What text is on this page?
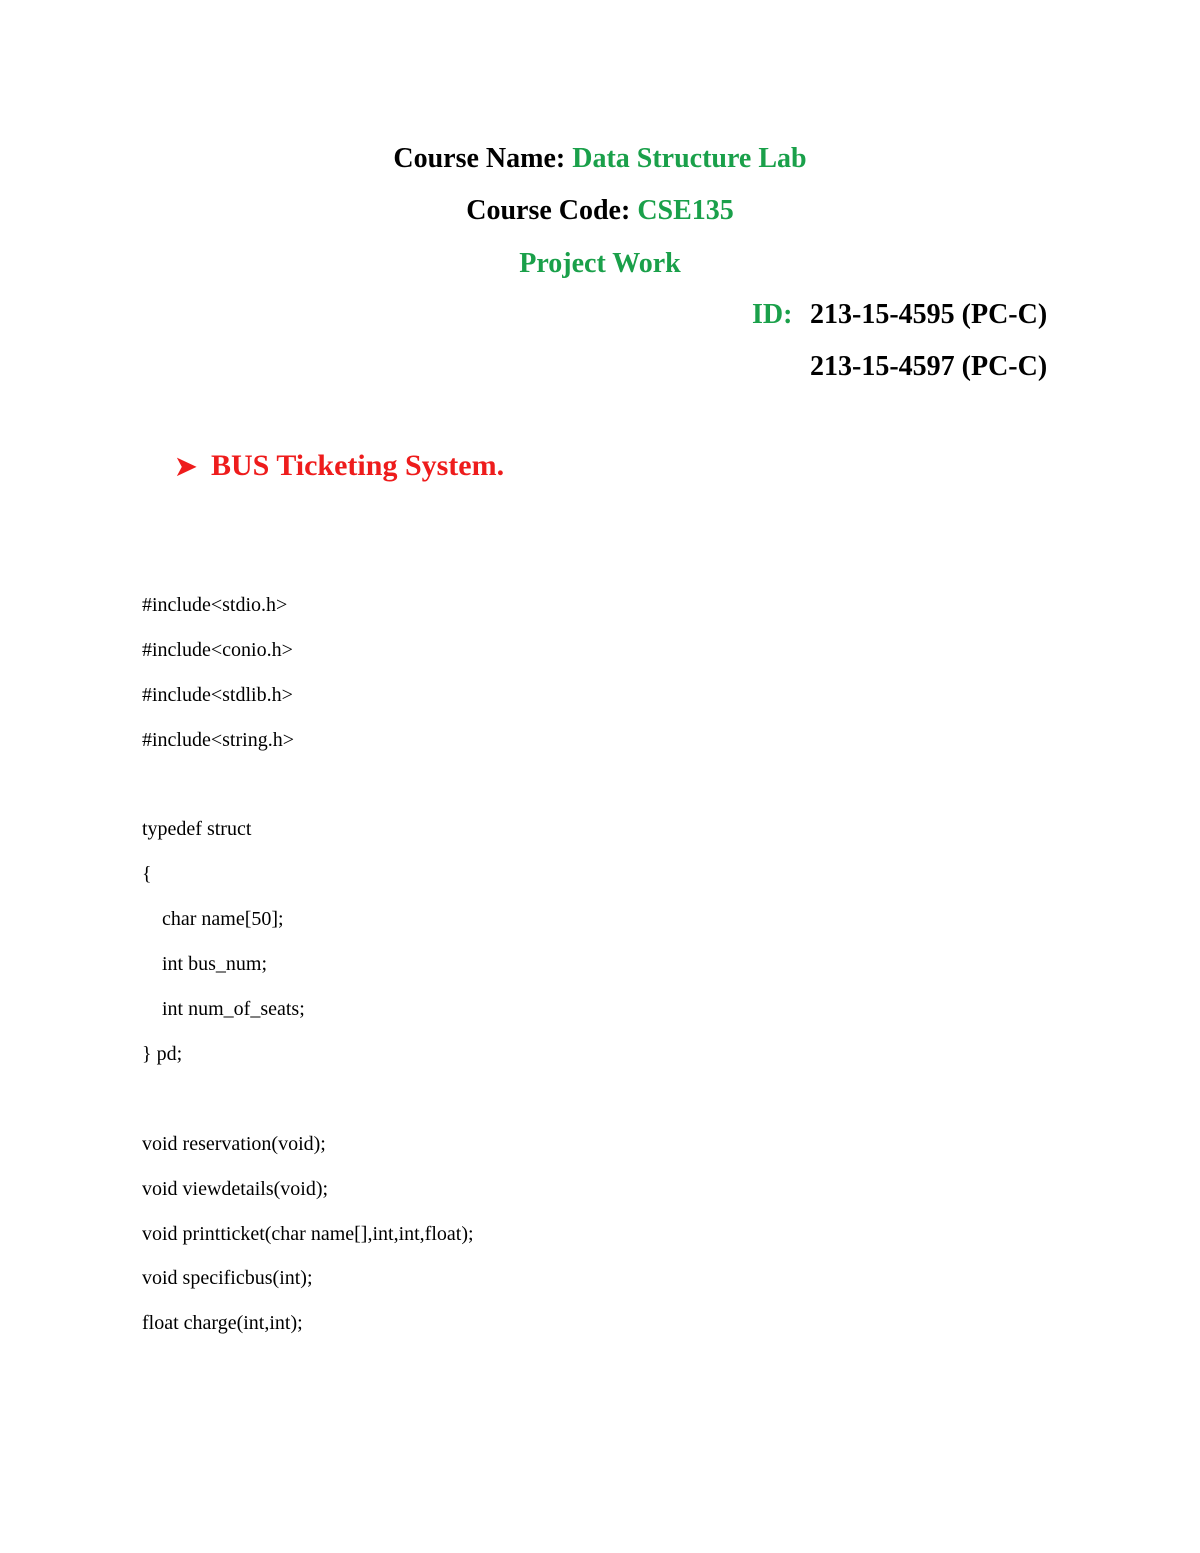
Course Name: Data Structure Lab
Course Code: CSE135
Project Work
ID: 213-15-4595 (PC-C)
213-15-4597 (PC-C)
➤ BUS Ticketing System.
#include<stdio.h>
#include<conio.h>
#include<stdlib.h>
#include<string.h>
typedef struct
{
char name[50];
int bus_num;
int num_of_seats;
} pd;
void reservation(void);
void viewdetails(void);
void printticket(char name[],int,int,float);
void specificbus(int);
float charge(int,int);
